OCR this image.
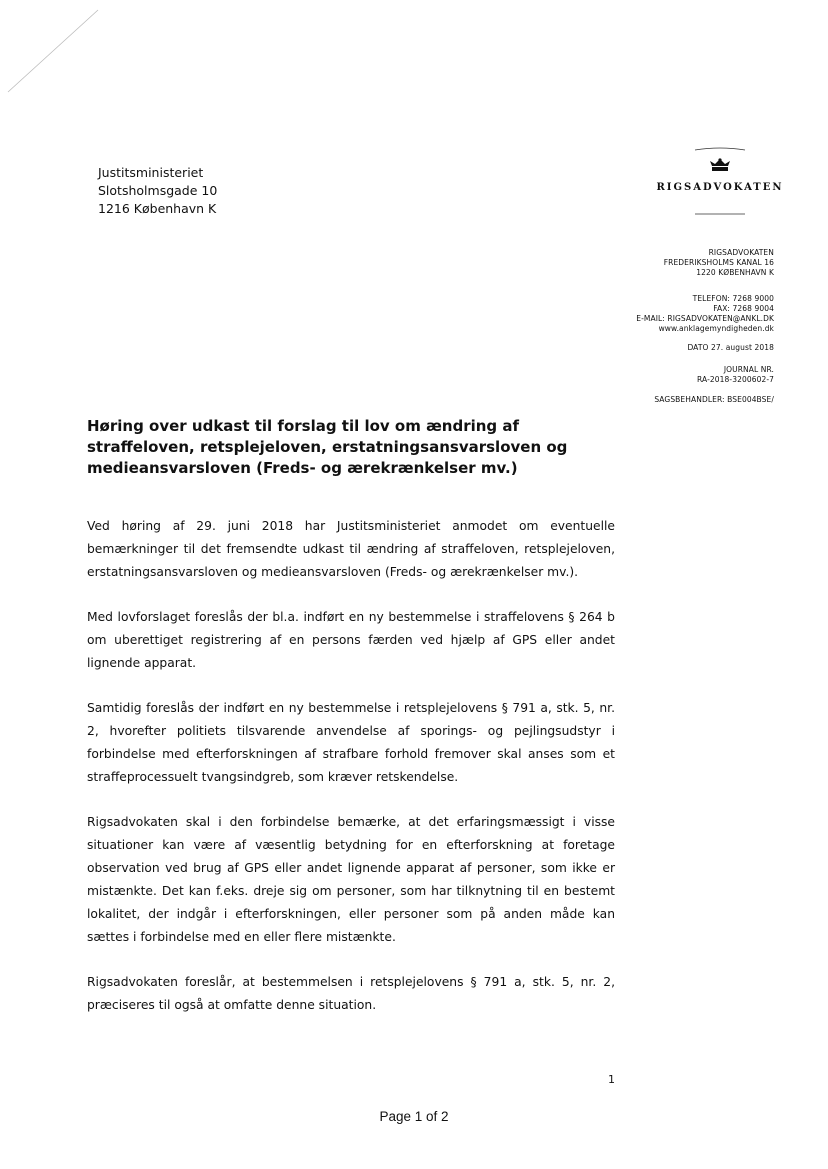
Justitsministeriet
Slotsholmsgade 10
1216 København K
RIGSADVOKATEN
RIGSADVOKATEN
FREDERIKSHOLMS KANAL 16
1220 KØBENHAVN K
TELEFON: 7268 9000
FAX: 7268 9004
E-MAIL: RIGSADVOKATEN@ANKL.DK
www.anklagemyndigheden.dk
DATO 27. august 2018
JOURNAL NR.
RA-2018-3200602-7
SAGSBEHANDLER: BSE004BSE/
Høring over udkast til forslag til lov om ændring af straffeloven, retsplejeloven, erstatningsansvarsloven og medieansvarsloven (Freds- og ærekrænkelser mv.)

Ved høring af 29. juni 2018 har Justitsministeriet anmodet om eventuelle bemærkninger til det fremsendte udkast til ændring af straffeloven, retsplejeloven, erstatningsansvarsloven og medieansvarsloven (Freds- og ærekrænkelser mv.).

Med lovforslaget foreslås der bl.a. indført en ny bestemmelse i straffelovens § 264 b om uberettiget registrering af en persons færden ved hjælp af GPS eller andet lignende apparat.

Samtidig foreslås der indført en ny bestemmelse i retsplejelovens § 791 a, stk. 5, nr. 2, hvorefter politiets tilsvarende anvendelse af sporings- og pejlingsudstyr i forbindelse med efterforskningen af strafbare forhold fremover skal anses som et straffeprocessuelt tvangsindgreb, som kræver retskendelse.

Rigsadvokaten skal i den forbindelse bemærke, at det erfaringsmæssigt i visse situationer kan være af væsentlig betydning for en efterforskning at foretage observation ved brug af GPS eller andet lignende apparat af personer, som ikke er mistænkte. Det kan f.eks. dreje sig om personer, som har tilknytning til en bestemt lokalitet, der indgår i efterforskningen, eller personer som på anden måde kan sættes i forbindelse med en eller flere mistænkte.

Rigsadvokaten foreslår, at bestemmelsen i retsplejelovens § 791 a, stk. 5, nr. 2, præciseres til også at omfatte denne situation.

1
Page 1 of 2
